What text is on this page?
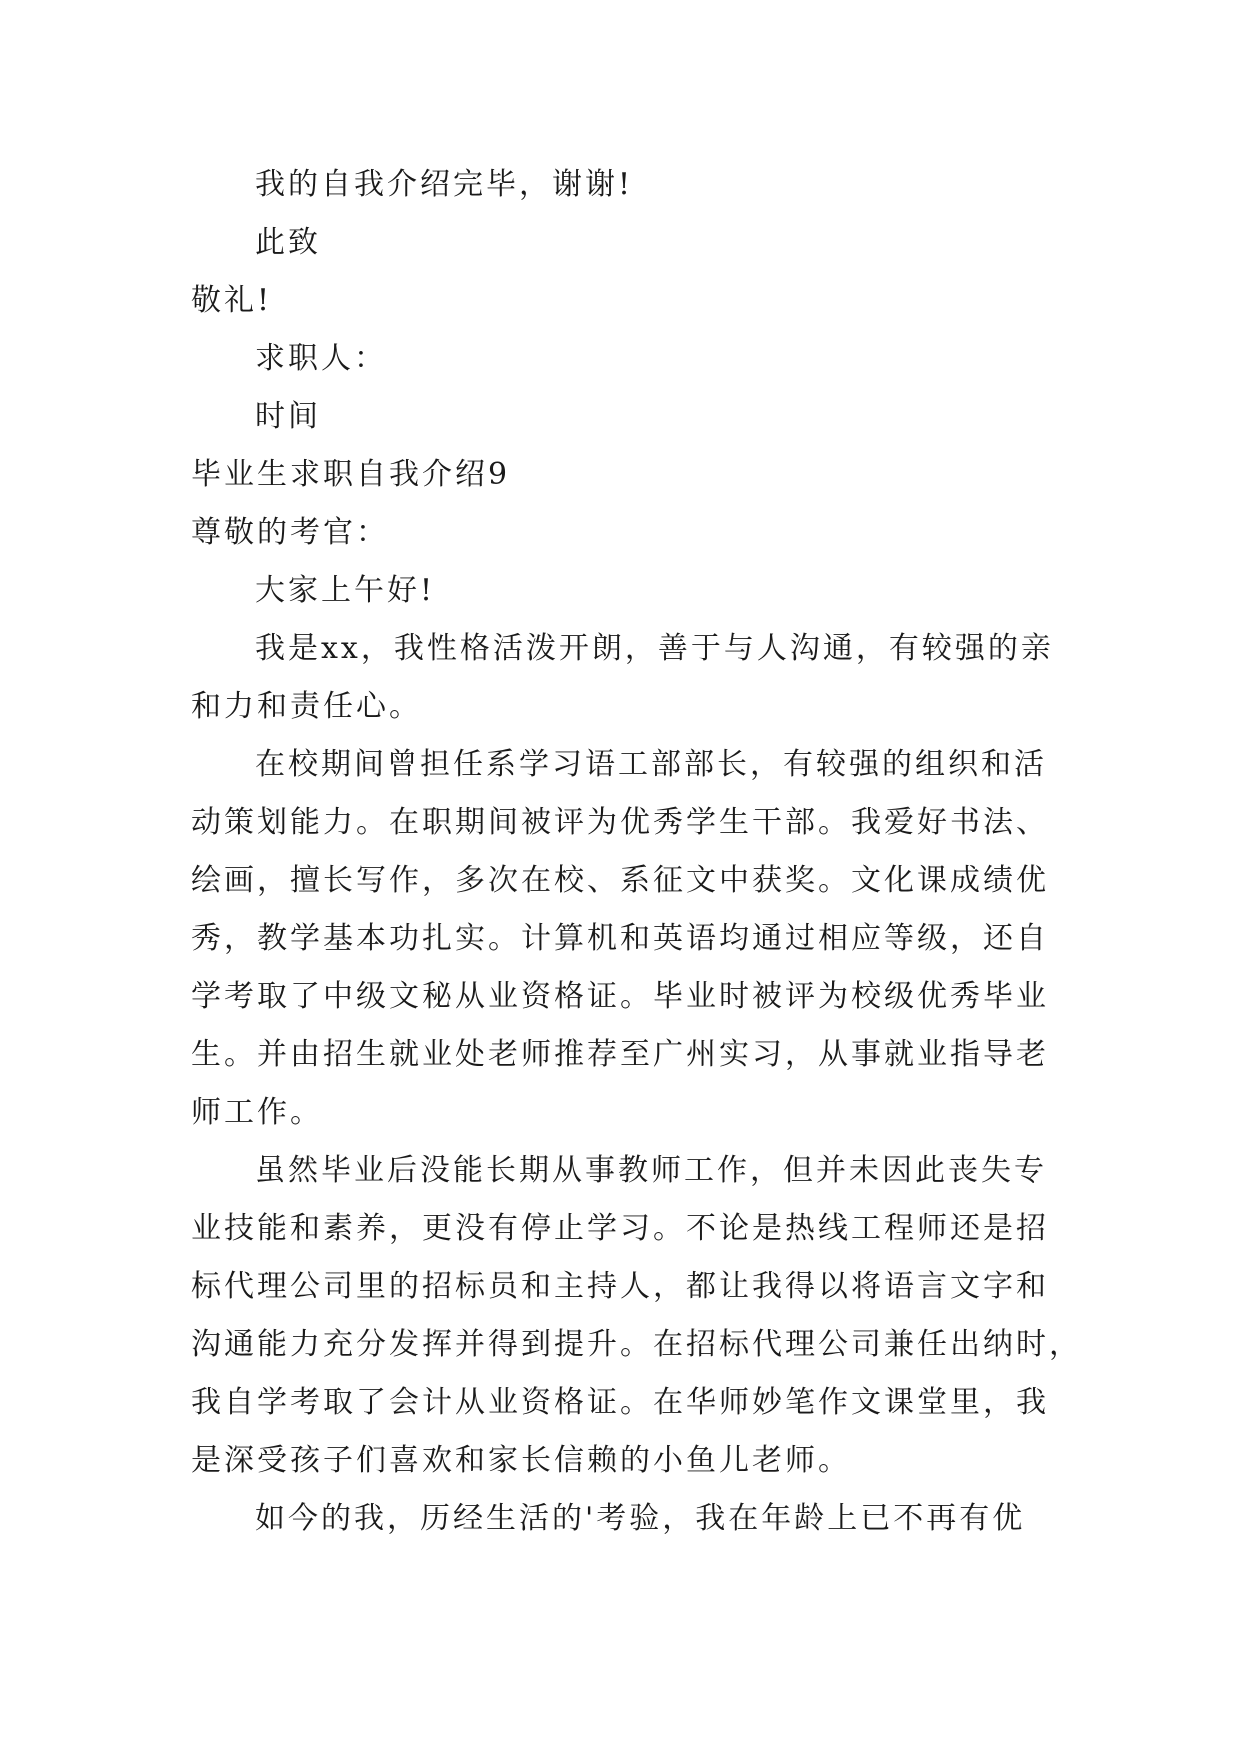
我的自我介绍完毕，谢谢!

此致

敬礼!

求职人：

时间

毕业生求职自我介绍9

尊敬的考官：

大家上午好!

我是xx，我性格活泼开朗，善于与人沟通，有较强的亲

和力和责任心。

在校期间曾担任系学习语工部部长，有较强的组织和活

动策划能力。在职期间被评为优秀学生干部。我爱好书法、

绘画，擅长写作，多次在校、系征文中获奖。文化课成绩优

秀，教学基本功扎实。计算机和英语均通过相应等级，还自

学考取了中级文秘从业资格证。毕业时被评为校级优秀毕业

生。并由招生就业处老师推荐至广州实习，从事就业指导老

师工作。

虽然毕业后没能长期从事教师工作，但并未因此丧失专

业技能和素养，更没有停止学习。不论是热线工程师还是招

标代理公司里的招标员和主持人，都让我得以将语言文字和

沟通能力充分发挥并得到提升。在招标代理公司兼任出纳时，

我自学考取了会计从业资格证。在华师妙笔作文课堂里，我

是深受孩子们喜欢和家长信赖的小鱼儿老师。

如今的我，历经生活的'考验，我在年龄上已不再有优
